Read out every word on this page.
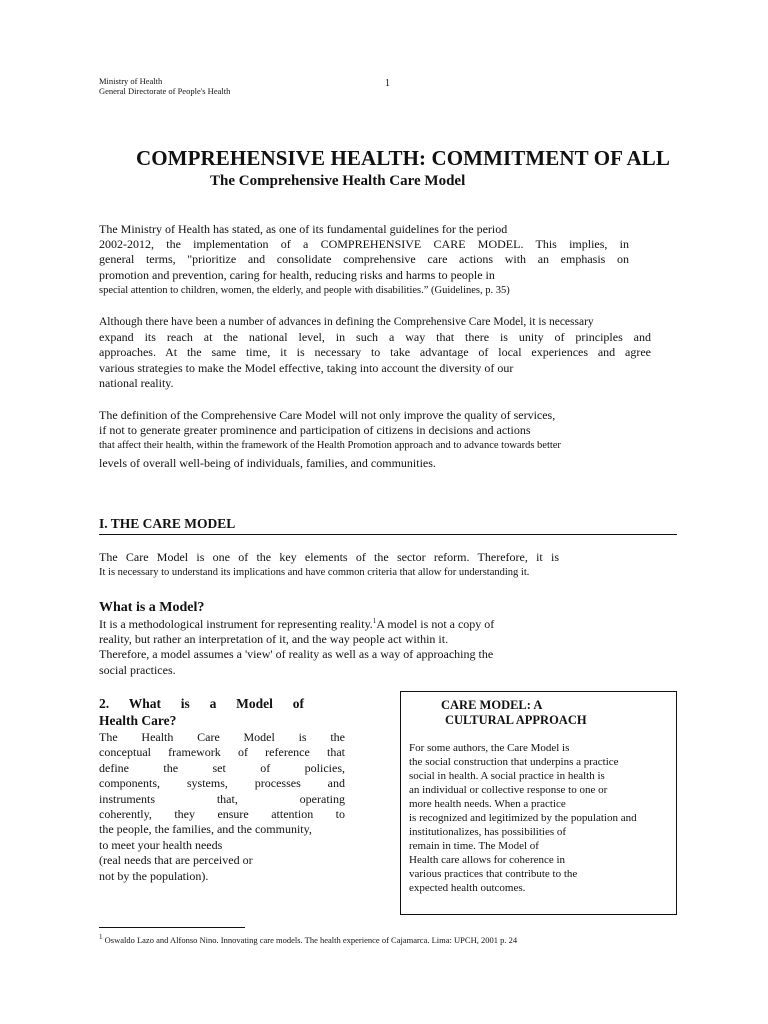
Ministry of Health
General Directorate of People's Health
1
COMPREHENSIVE HEALTH: COMMITMENT OF ALL
The Comprehensive Health Care Model
The Ministry of Health has stated, as one of its fundamental guidelines for the period
2002-2012, the implementation of a COMPREHENSIVE CARE MODEL. This implies, in
general terms, "prioritize and consolidate comprehensive care actions with an emphasis on
promotion and prevention, caring for health, reducing risks and harms to people in
special attention to children, women, the elderly, and people with disabilities.” (Guidelines, p. 35)
Although there have been a number of advances in defining the Comprehensive Care Model, it is necessary
expand its reach at the national level, in such a way that there is unity of principles and
approaches. At the same time, it is necessary to take advantage of local experiences and agree
various strategies to make the Model effective, taking into account the diversity of our
national reality.
The definition of the Comprehensive Care Model will not only improve the quality of services,
if not to generate greater prominence and participation of citizens in decisions and actions
that affect their health, within the framework of the Health Promotion approach and to advance towards better
levels of overall well-being of individuals, families, and communities.
I. THE CARE MODEL
The Care Model is one of the key elements of the sector reform. Therefore, it is
It is necessary to understand its implications and have common criteria that allow for understanding it.
What is a Model?
It is a methodological instrument for representing reality.$^1$A model is not a copy of
reality, but rather an interpretation of it, and the way people act within it.
Therefore, a model assumes a 'view' of reality as well as a way of approaching the
social practices.
2. What is a Model of
Health Care?
The Health Care Model is the
conceptual framework of reference that
define the set of policies,
components, systems, processes and
instruments that, operating
coherently, they ensure attention to
the people, the families, and the community,
to meet your health needs
(real needs that are perceived or
not by the population).
CARE MODEL: A
CULTURAL APPROACH
For some authors, the Care Model is
the social construction that underpins a practice
social in health. A social practice in health is
an individual or collective response to one or
more health needs. When a practice
is recognized and legitimized by the population and
institutionalizes, has possibilities of
remain in time. The Model of
Health care allows for coherence in
various practices that contribute to the
expected health outcomes.
$^1$ Oswaldo Lazo and Alfonso Nino. Innovating care models. The health experience of Cajamarca. Lima: UPCH, 2001 p. 24
